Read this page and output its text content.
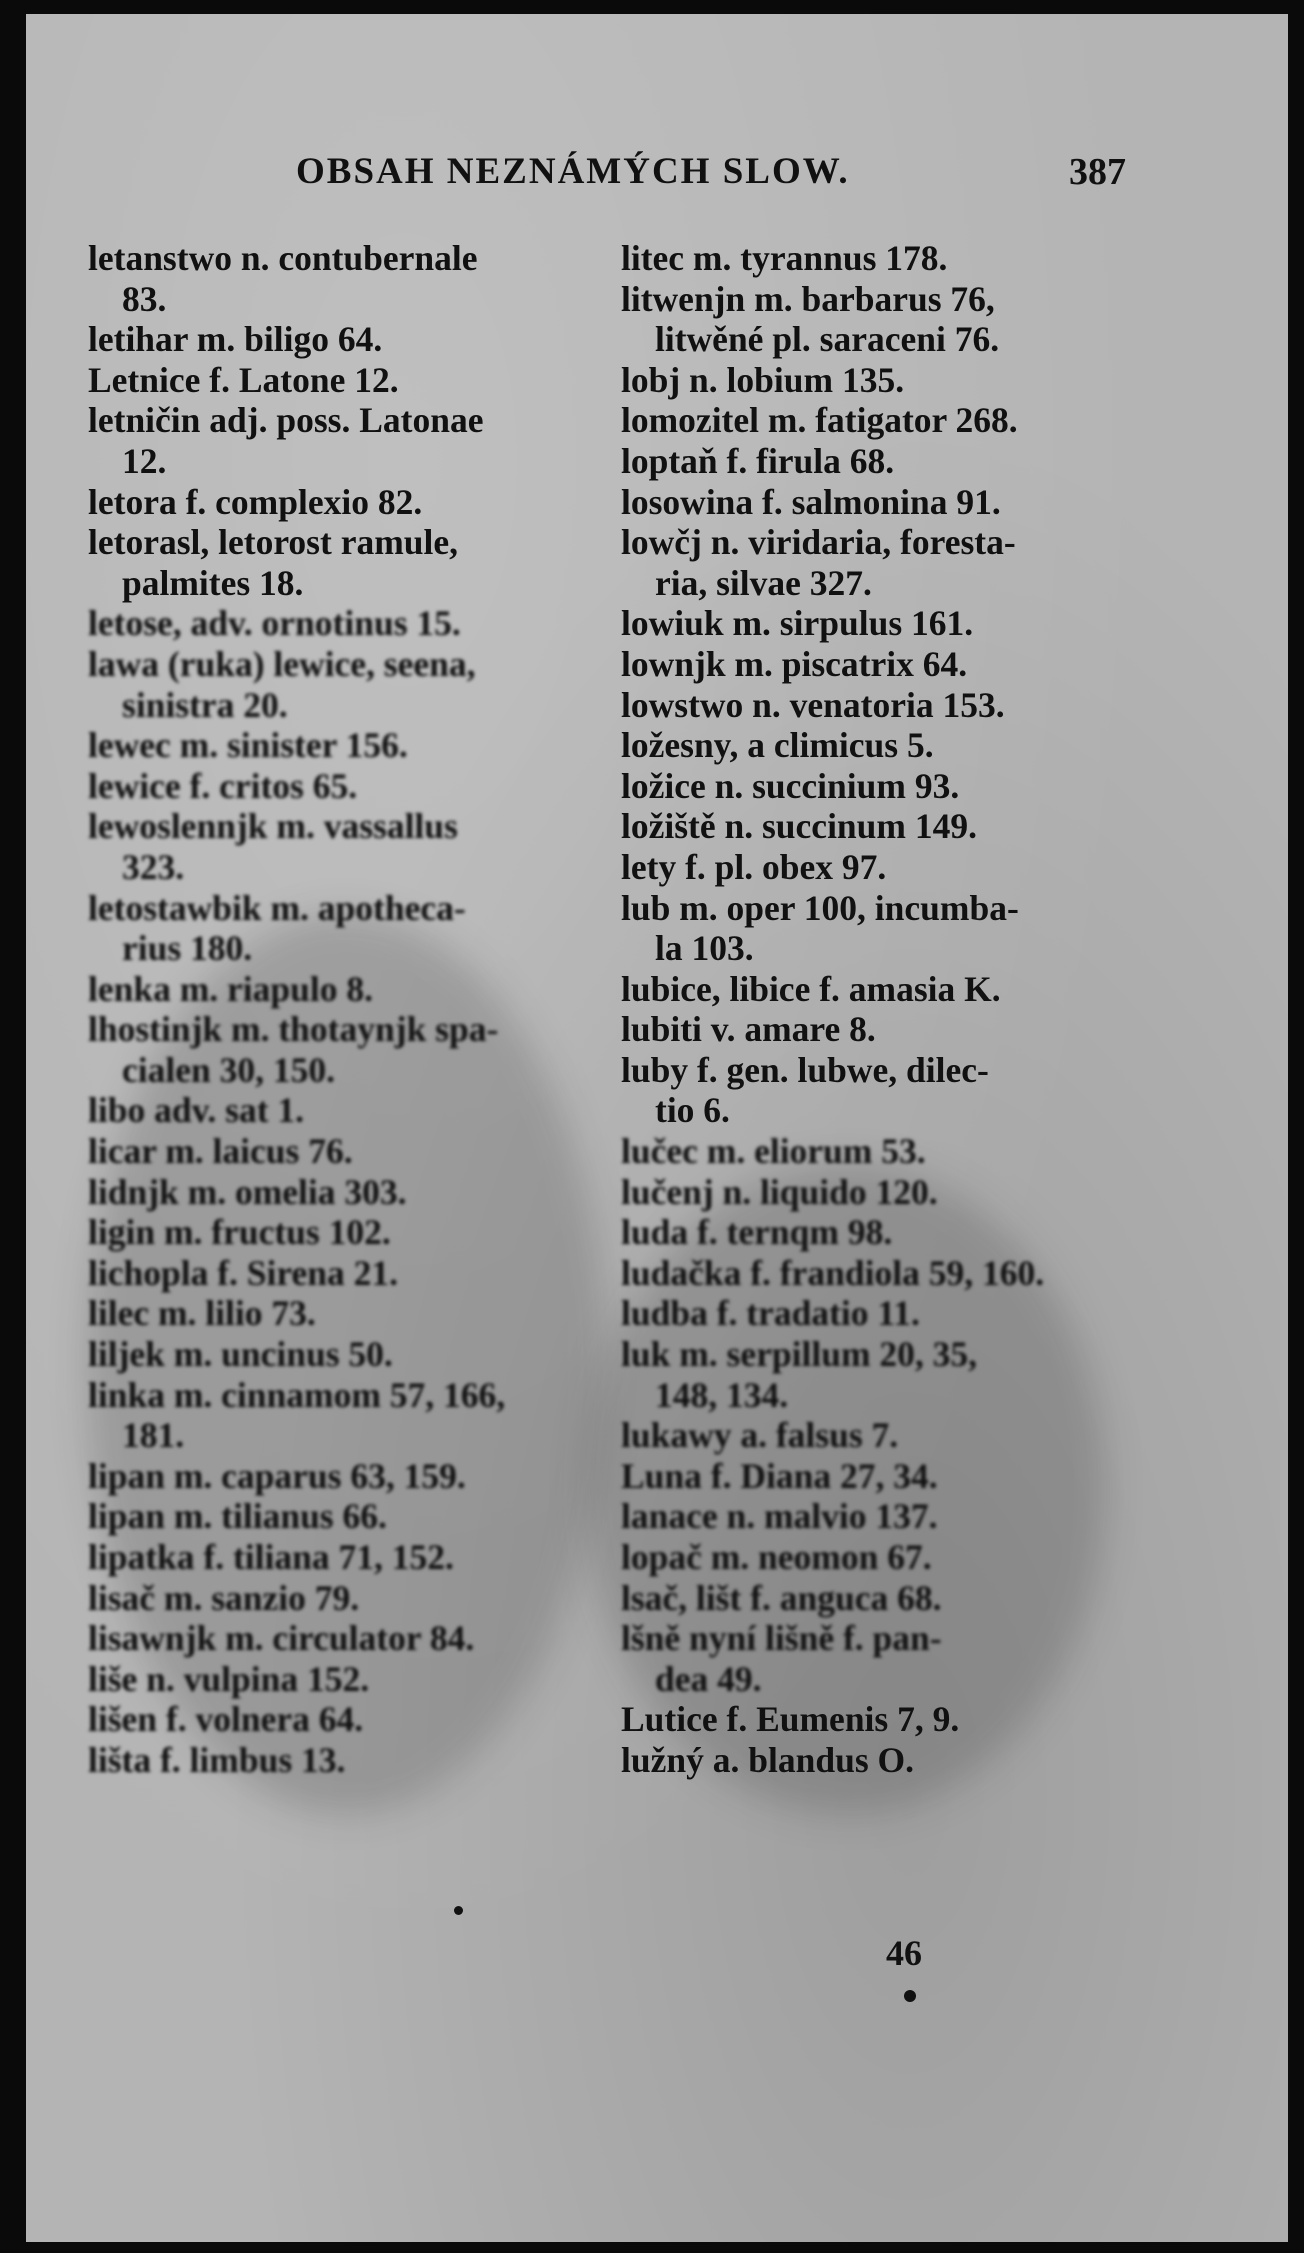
OBSAH NEZNÁMÝCH SLOW.	387
letanstwo n. contubernale
83.
letihar m. biligo 64.
Letnice f. Latone 12.
letničin adj. poss. Latonae
12.
letora f. complexio 82.
letorasl, letorost ramule,
palmites 18.
letose, adv. ornotinus 15.
lawa (ruka) lewice, seena,
sinistra 20.
lewec m. sinister 156.
lewice f. critos 65.
lewoslennjk m. vassallus
323.
letostawbik m. apotheca-
rius 180.
lenka m. riapulo 8.
lhostinjk m. thotaynjk spa-
cialen 30, 150.
libo adv. sat 1.
licar m. laicus 76.
lidnjk m. omelia 303.
ligin m. fructus 102.
lichopla f. Sirena 21.
lilec m. lilio 73.
liljek m. uncinus 50.
linka m. cinnamom 57, 166,
181.
lipan m. caparus 63, 159.
lipan m. tilianus 66.
lipatka f. tiliana 71, 152.
lisač m. sanzio 79.
lisawnjk m. circulator 84.
liše n. vulpina 152.
lišen f. volnera 64.
lišta f. limbus 13.
litec m. tyrannus 178.
litwenjn m. barbarus 76,
litwěné pl. saraceni 76.
lobj n. lobium 135.
lomozitel m. fatigator 268.
loptaň f. firula 68.
losowina f. salmonina 91.
lowčj n. viridaria, foresta-
ria, silvae 327.
lowiuk m. sirpulus 161.
lownjk m. piscatrix 64.
lowstwo n. venatoria 153.
ložesny, a climicus 5.
ložice n. succinium 93.
ložiště n. succinum 149.
lety f. pl. obex 97.
lub m. oper 100, incumba-
la 103.
lubice, libice f. amasia K.
lubiti v. amare 8.
luby f. gen. lubwe, dilec-
tio 6.
lučec m. eliorum 53.
lučenj n. liquido 120.
luda f. ternqm 98.
ludačka f. frandiola 59, 160.
ludba f. tradatio 11.
luk m. serpillum 20, 35,
148, 134.
lukawy a. falsus 7.
Luna f. Diana 27, 34.
lanace n. malvio 137.
lopač m. neomon 67.
lsač, lišt f. anguca 68.
lšně nyní lišně f. pan-
dea 49.
Lutice f. Eumenis 7, 9.
lužný a. blandus O.
46
